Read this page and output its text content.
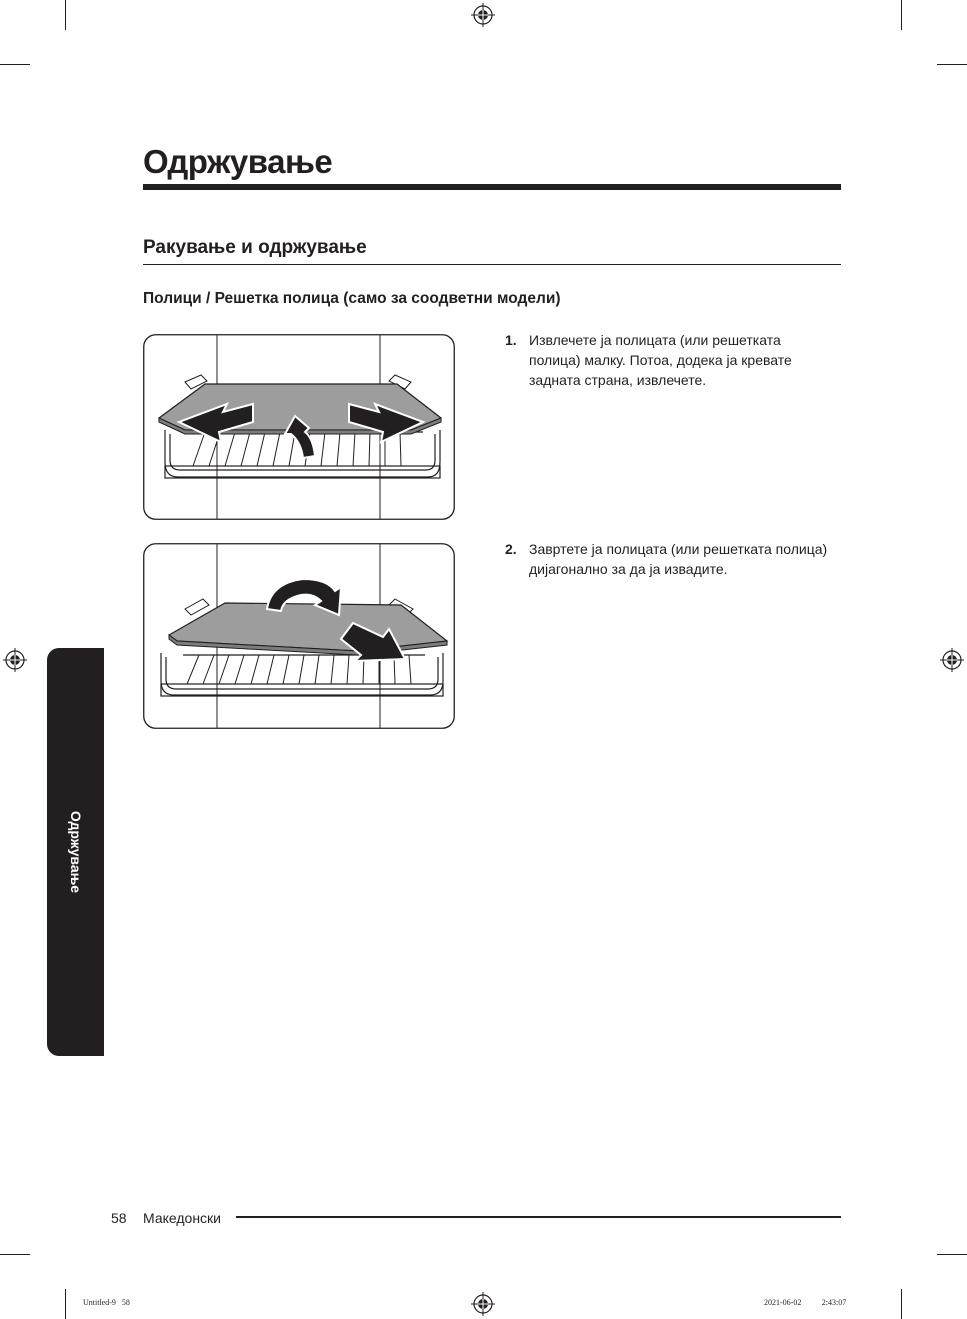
Одржување
Ракување и одржување
Полици / Решетка полица (само за соодветни модели)
1. Извлечете ја полицата (или решетката полица) малку. Потоа, додека ја кревате задната страна, извлечете.
2. Завртете ја полицата (или решетката полица) дијагонално за да ја извадите.
Одржување
58 Македонски
Untitled-9   58	2021-06-02   ￿￿ 2:43:07
